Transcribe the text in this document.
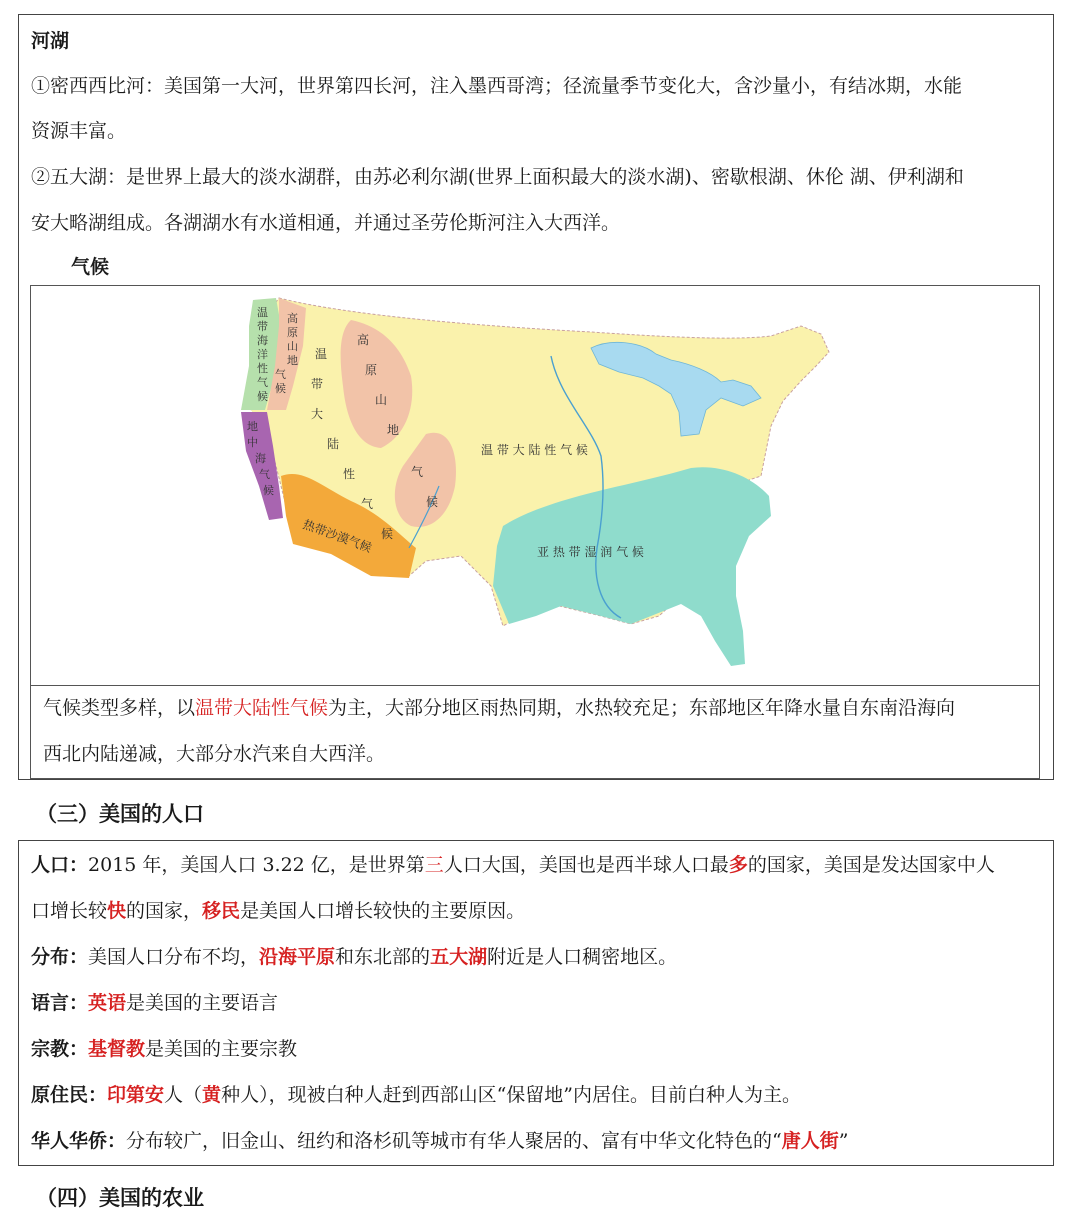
河湖
①密西西比河：美国第一大河，世界第四长河，注入墨西哥湾；径流量季节变化大，含沙量小，有结冰期，水能
资源丰富。
②五大湖：是世界上最大的淡水湖群，由苏必利尔湖(世界上面积最大的淡水湖)、密歇根湖、休伦 湖、伊利湖和
安大略湖组成。各湖湖水有水道相通，并通过圣劳伦斯河注入大西洋。
气候
温带海洋性气候
高原山地气候
地中海气候
温带大陆性气候
高原山地
气候
热带沙漠气候
温 带 大 陆 性 气 候
亚 热 带 湿 润 气 候
气候类型多样，以温带大陆性气候为主，大部分地区雨热同期，水热较充足；东部地区年降水量自东南沿海向
西北内陆递减，大部分水汽来自大西洋。
（三）美国的人口
人口：2015 年，美国人口 3.22 亿，是世界第三人口大国，美国也是西半球人口最多的国家，美国是发达国家中人
口增长较快的国家，移民是美国人口增长较快的主要原因。
分布：美国人口分布不均，沿海平原和东北部的五大湖附近是人口稠密地区。
语言：英语是美国的主要语言
宗教：基督教是美国的主要宗教
原住民：印第安人（黄种人），现被白种人赶到西部山区“保留地”内居住。目前白种人为主。
华人华侨：分布较广，旧金山、纽约和洛杉矶等城市有华人聚居的、富有中华文化特色的“唐人街”
（四）美国的农业
